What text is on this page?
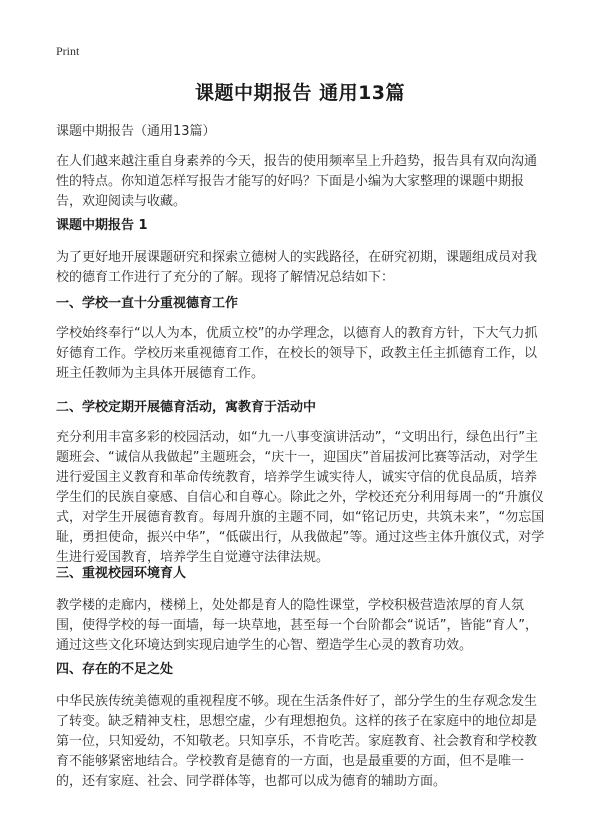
Print
课题中期报告 通用13篇
课题中期报告（通用13篇）
在人们越来越注重自身素养的今天，报告的使用频率呈上升趋势，报告具有双向沟通性的特点。你知道怎样写报告才能写的好吗？下面是小编为大家整理的课题中期报告，欢迎阅读与收藏。
课题中期报告 1
为了更好地开展课题研究和探索立德树人的实践路径，在研究初期，课题组成员对我校的德育工作进行了充分的了解。现将了解情况总结如下：
一、学校一直十分重视德育工作
学校始终奉行“以人为本，优质立校”的办学理念，以德育人的教育方针，下大气力抓好德育工作。学校历来重视德育工作，在校长的领导下，政教主任主抓德育工作，以班主任教师为主具体开展德育工作。
二、学校定期开展德育活动，寓教育于活动中
充分利用丰富多彩的校园活动，如“九一八事变演讲活动”，“文明出行，绿色出行”主题班会、“诚信从我做起”主题班会，“庆十一，迎国庆”首届拔河比赛等活动，对学生进行爱国主义教育和革命传统教育，培养学生诚实待人，诚实守信的优良品质，培养学生们的民族自豪感、自信心和自尊心。除此之外，学校还充分利用每周一的“升旗仪式，对学生开展德育教育。每周升旗的主题不同，如“铭记历史，共筑未来”，“勿忘国耻，勇担使命，振兴中华”，“低碳出行，从我做起”等。通过这些主体升旗仪式，对学生进行爱国教育，培养学生自觉遵守法律法规。
三、重视校园环境育人
教学楼的走廊内，楼梯上，处处都是育人的隐性课堂，学校积极营造浓厚的育人氛围，使得学校的每一面墙，每一块草地，甚至每一个台阶都会“说话”，皆能“育人”，通过这些文化环境达到实现启迪学生的心智、塑造学生心灵的教育功效。
四、存在的不足之处
中华民族传统美德观的重视程度不够。现在生活条件好了，部分学生的生存观念发生了转变。缺乏精神支柱，思想空虚，少有理想抱负。这样的孩子在家庭中的地位却是第一位，只知爱幼，不知敬老。只知享乐，不肯吃苦。家庭教育、社会教育和学校教育不能够紧密地结合。学校教育是德育的一方面，也是最重要的方面，但不是唯一的，还有家庭、社会、同学群体等，也都可以成为德育的辅助方面。
